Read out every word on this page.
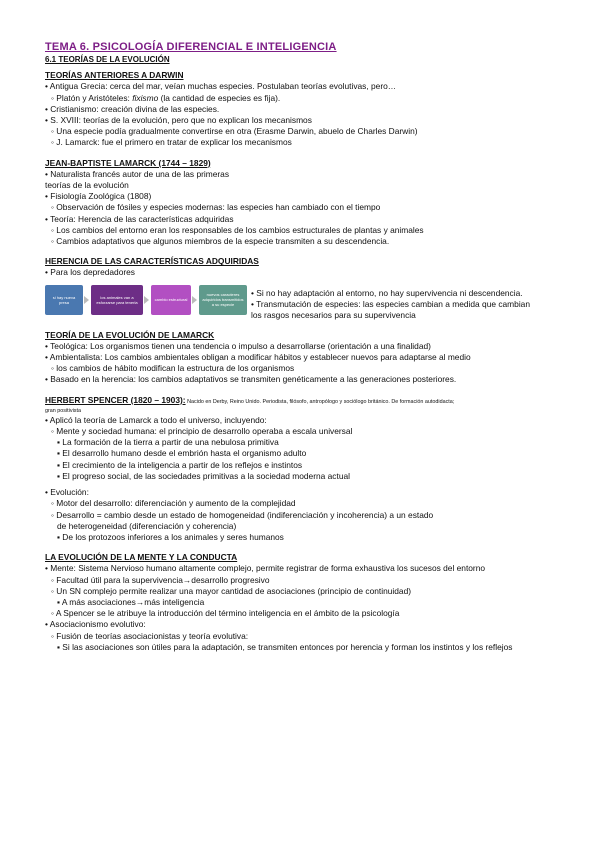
TEMA 6. PSICOLOGÍA DIFERENCIAL E INTELIGENCIA
6.1 TEORÍAS DE LA EVOLUCIÓN
TEORÍAS ANTERIORES A DARWIN
• Antigua Grecia: cerca del mar, veían muchas especies. Postulaban teorías evolutivas, pero…
◦ Platón y Aristóteles: fixismo (la cantidad de especies es fija).
• Cristianismo: creación divina de las especies.
• S. XVIII: teorías de la evolución, pero que no explican los mecanismos
◦ Una especie podía gradualmente convertirse en otra (Erasme Darwin, abuelo de Charles Darwin)
◦ J. Lamarck: fue el primero en tratar de explicar los mecanismos
JEAN-BAPTISTE LAMARCK (1744 – 1829)
• Naturalista francés autor de una de las primeras
teorías de la evolución
• Fisiología Zoológica (1808)
◦ Observación de fósiles y especies modernas: las especies han cambiado con el tiempo
• Teoría: Herencia de las características adquiridas
◦ Los cambios del entorno eran los responsables de los cambios estructurales de plantas y animales
◦ Cambios adaptativos que algunos miembros de la especie transmiten a su descendencia.
HERENCIA DE LAS CARACTERÍSTICAS ADQUIRIDAS
• Para los depredadores
si hay nueva presa
los animales van a esforzarse para tenerla	cambio estructural
nuevos caracteres adquiridos transmitidos a su especie
• Si no hay adaptación al entorno, no hay supervivencia ni descendencia.
• Transmutación de especies: las especies cambian a medida que cambian
los rasgos necesarios para su supervivencia
TEORÍA DE LA EVOLUCIÓN DE LAMARCK
• Teológica: Los organismos tienen una tendencia o impulso a desarrollarse (orientación a una finalidad)
• Ambientalista: Los cambios ambientales obligan a modificar hábitos y establecer nuevos para adaptarse al medio
◦ los cambios de hábito modifican la estructura de los organismos
• Basado en la herencia: los cambios adaptativos se transmiten genéticamente a las generaciones posteriores.
HERBERT SPENCER (1820 – 1903): Nacido en Derby, Reino Unido. Periodista, filósofo, antropólogo y sociólogo británico. De formación autodidacta;
gran positivista
• Aplicó la teoría de Lamarck a todo el universo, incluyendo:
◦ Mente y sociedad humana: el principio de desarrollo operaba a escala universal
▪ La formación de la tierra a partir de una nebulosa primitiva
▪ El desarrollo humano desde el embrión hasta el organismo adulto
▪ El crecimiento de la inteligencia a partir de los reflejos e instintos
▪ El progreso social, de las sociedades primitivas a la sociedad moderna actual
• Evolución:
◦ Motor del desarrollo: diferenciación y aumento de la complejidad
◦ Desarrollo = cambio desde un estado de homogeneidad (indiferenciación y incoherencia) a un estado
de heterogeneidad (diferenciación y coherencia)
▪ De los protozoos inferiores a los animales y seres humanos
LA EVOLUCIÓN DE LA MENTE Y LA CONDUCTA
• Mente: Sistema Nervioso humano altamente complejo, permite registrar de forma exhaustiva los sucesos del entorno
◦ Facultad útil para la supervivencia→desarrollo progresivo
◦ Un SN complejo permite realizar una mayor cantidad de asociaciones (principio de continuidad)
▪ A más asociaciones→más inteligencia
◦ A Spencer se le atribuye la introducción del término inteligencia en el ámbito de la psicología
• Asociacionismo evolutivo:
◦ Fusión de teorías asociacionistas y teoría evolutiva:
▪ Si las asociaciones son útiles para la adaptación, se transmiten entonces por herencia y forman los instintos y los reflejos
